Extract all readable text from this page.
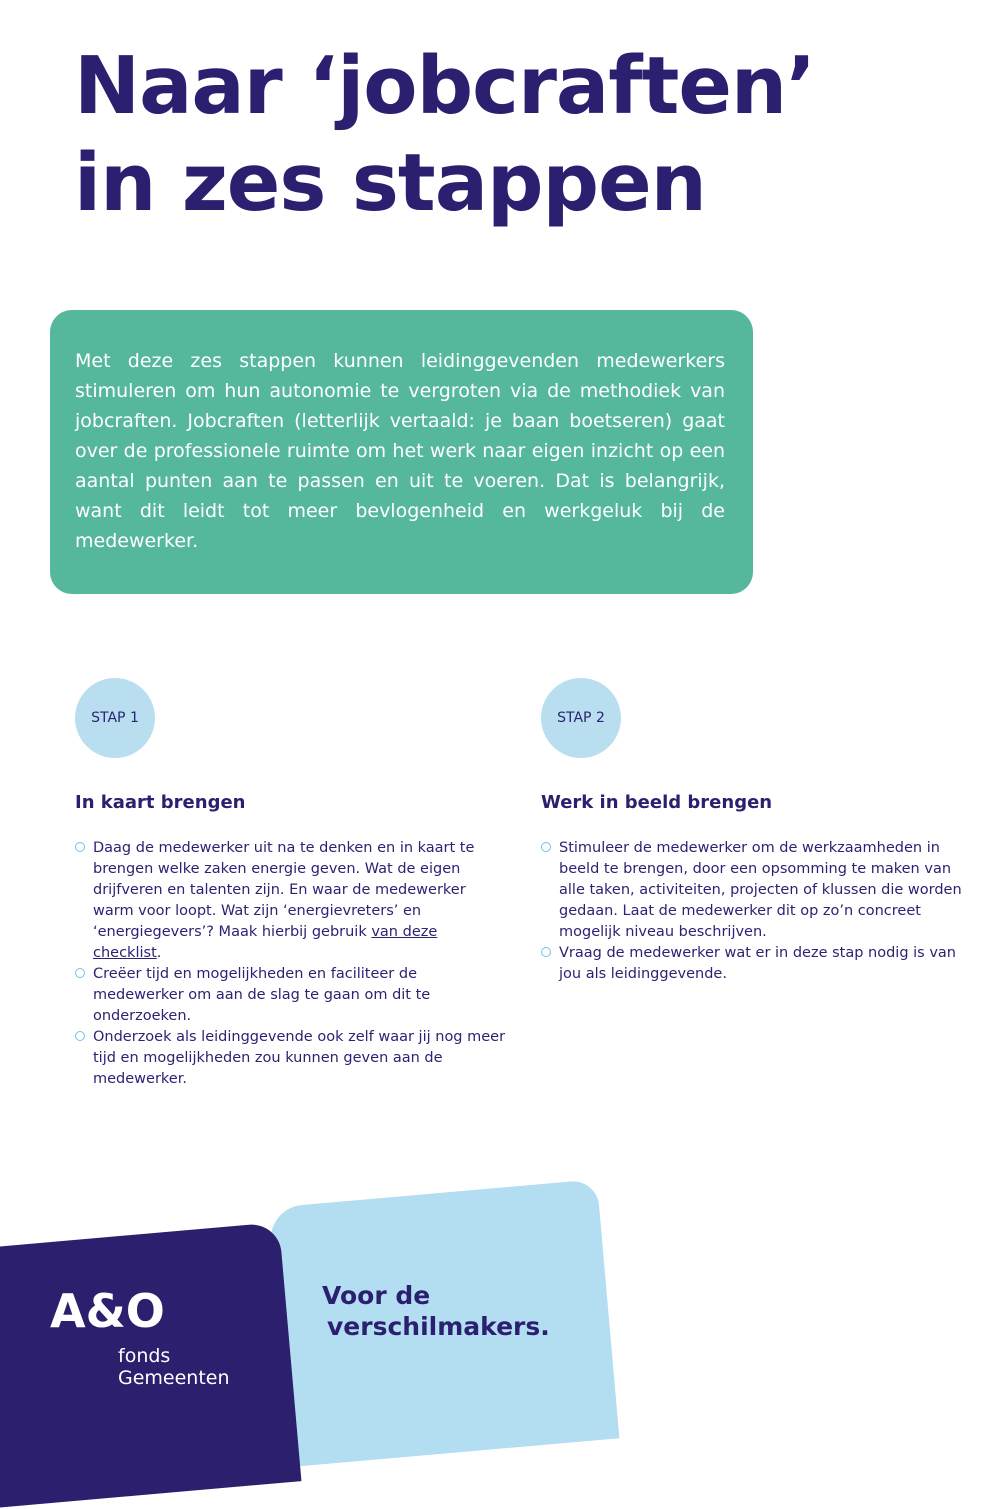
Naar ‘jobcraften’
in zes stappen

Met deze zes stappen kunnen leidinggevenden medewerkers stimuleren om hun autonomie te vergroten via de methodiek van jobcraften. Jobcraften (letterlijk vertaald: je baan boetseren) gaat over de professionele ruimte om het werk naar eigen inzicht op een aantal punten aan te passen en uit te voeren. Dat is belangrijk, want dit leidt tot meer bevlogenheid en werkgeluk bij de medewerker.

STAP 1
In kaart brengen
Daag de medewerker uit na te denken en in kaart te brengen welke zaken energie geven. Wat de eigen drijfveren en talenten zijn. En waar de medewerker warm voor loopt. Wat zijn ‘energievreters’ en ‘energiegevers’? Maak hierbij gebruik van deze checklist.
Creëer tijd en mogelijkheden en faciliteer de medewerker om aan de slag te gaan om dit te onderzoeken.
Onderzoek als leidinggevende ook zelf waar jij nog meer tijd en mogelijkheden zou kunnen geven aan de medewerker.
STAP 2
Werk in beeld brengen
Stimuleer de medewerker om de werkzaamheden in beeld te brengen, door een opsomming te maken van alle taken, activiteiten, projecten of klussen die worden gedaan. Laat de medewerker dit op zo’n concreet mogelijk niveau beschrijven.
Vraag de medewerker wat er in deze stap nodig is van jou als leidinggevende.
A&O
fonds
Gemeenten
Voor de
verschilmakers.
